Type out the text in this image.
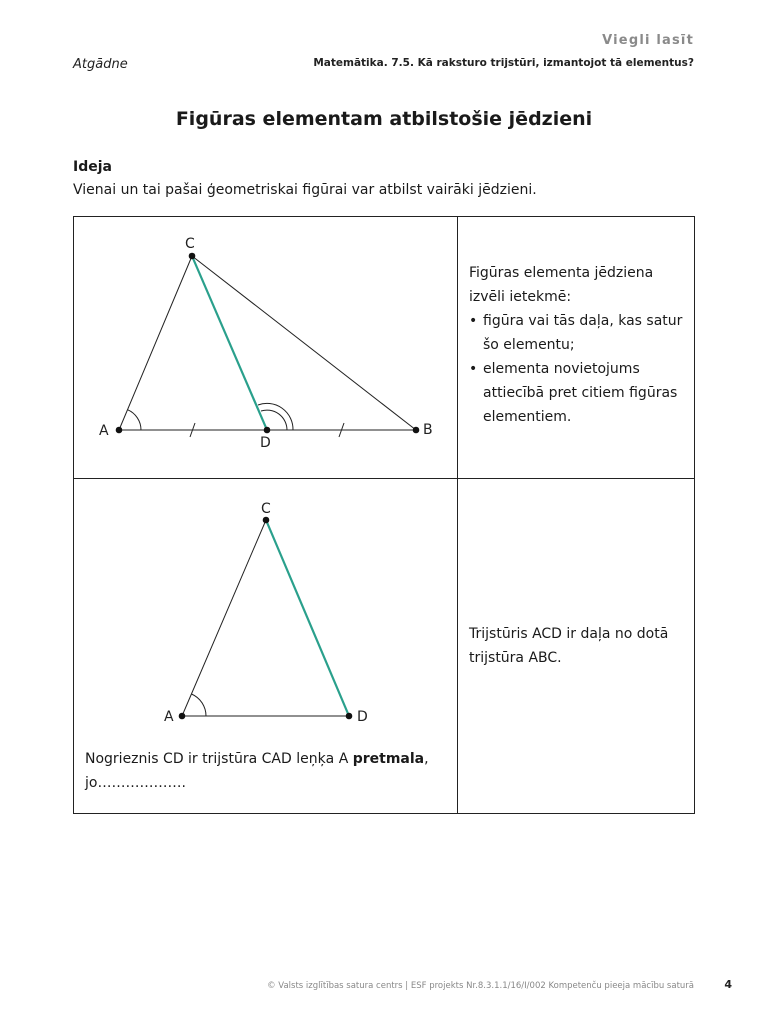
Viegli lasīt
Atgādne	Matemātika. 7.5. Kā raksturo trijstūri, izmantojot tā elementus?
Figūras elementam atbilstošie jēdzieni
Ideja
Vienai un tai pašai ģeometriskai figūrai var atbilst vairāki jēdzieni.
A	B
C
D
A
C
D
Figūras elementa jēdziena izvēli ietekmē:
• figūra vai tās daļa, kas satur šo elementu;
• elementa novietojums attiecībā pret citiem figūras elementiem.
Trijstūris ACD ir daļa no dotā trijstūra ABC.
Nogrieznis CD ir trijstūra CAD leņķa A pretmala,
jo……………….
© Valsts izglītības satura centrs | ESF projekts Nr.8.3.1.1/16/I/002 Kompetenču pieeja mācību saturā	4
